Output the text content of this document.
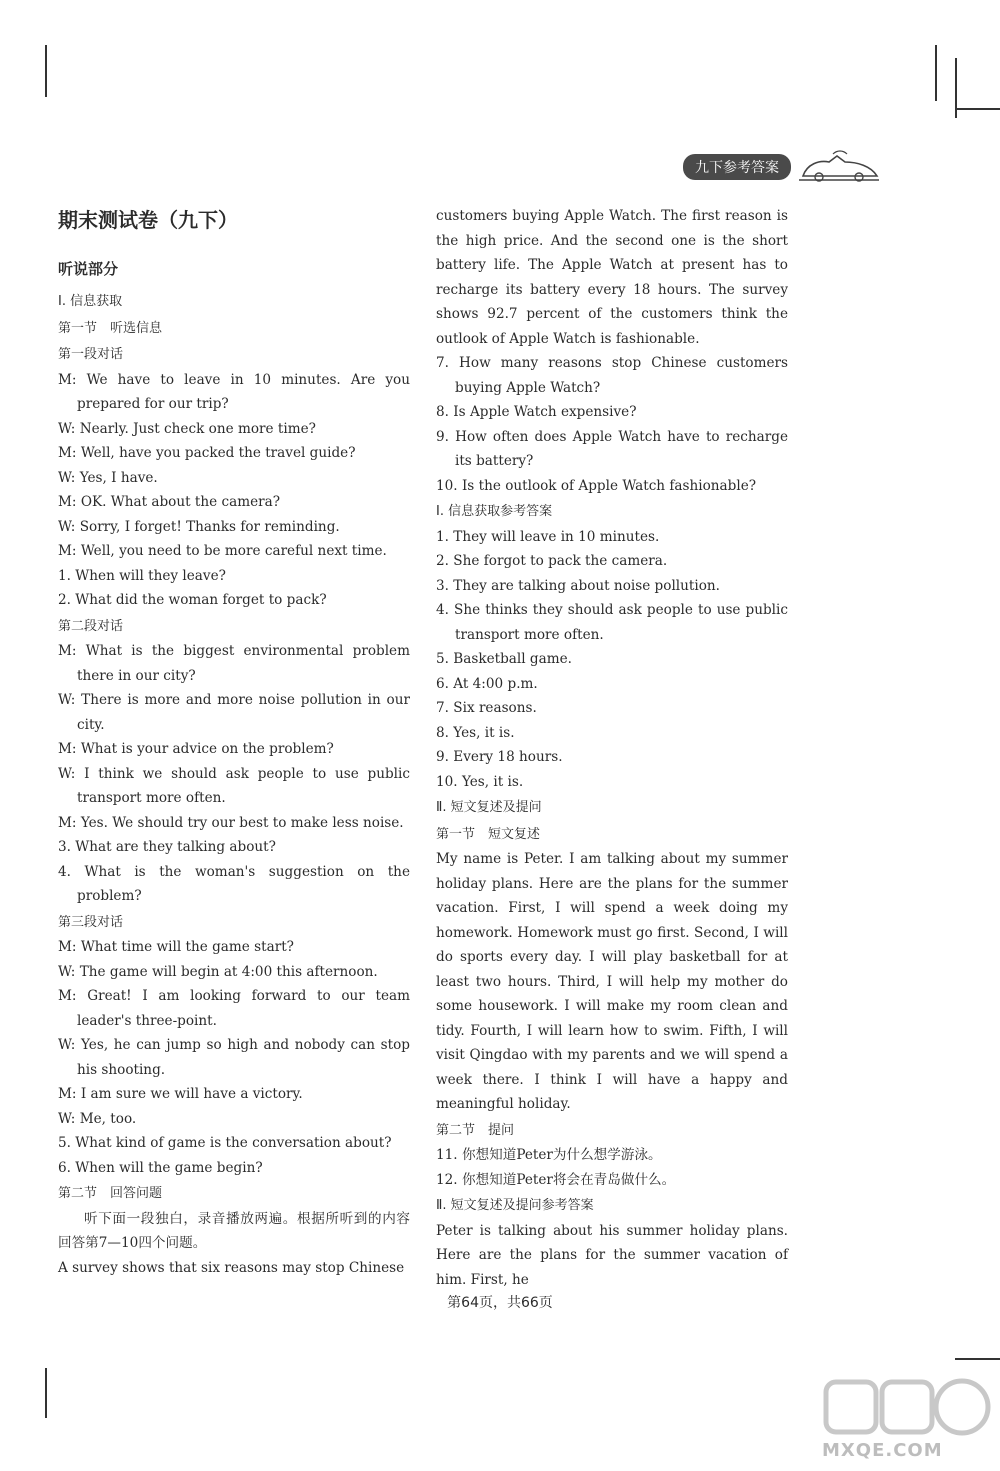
九下参考答案
期末测试卷（九下）
听说部分

Ⅰ. 信息获取

第一节　听选信息

第一段对话

M: We have to leave in 10 minutes. Are you prepared for our trip?

W: Nearly. Just check one more time?

M: Well, have you packed the travel guide?

W: Yes, I have.

M: OK. What about the camera?

W: Sorry, I forget! Thanks for reminding.

M: Well, you need to be more careful next time.

1. When will they leave?

2. What did the woman forget to pack?

第二段对话

M: What is the biggest environmental problem there in our city?

W: There is more and more noise pollution in our city.

M: What is your advice on the problem?

W: I think we should ask people to use public transport more often.

M: Yes. We should try our best to make less noise.

3. What are they talking about?

4. What is the woman's suggestion on the problem?

第三段对话

M: What time will the game start?

W: The game will begin at 4:00 this afternoon.

M: Great! I am looking forward to our team leader's three-point.

W: Yes, he can jump so high and nobody can stop his shooting.

M: I am sure we will have a victory.

W: Me, too.

5. What kind of game is the conversation about?

6. When will the game begin?

第二节　回答问题

听下面一段独白，录音播放两遍。根据所听到的内容回答第7—10四个问题。

A survey shows that six reasons may stop Chinese

customers buying Apple Watch. The first reason is the high price. And the second one is the short battery life. The Apple Watch at present has to recharge its battery every 18 hours. The survey shows 92.7 percent of the customers think the outlook of Apple Watch is fashionable.

7. How many reasons stop Chinese customers buying Apple Watch?

8. Is Apple Watch expensive?

9. How often does Apple Watch have to recharge its battery?

10. Is the outlook of Apple Watch fashionable?

Ⅰ. 信息获取参考答案

1. They will leave in 10 minutes.

2. She forgot to pack the camera.

3. They are talking about noise pollution.

4. She thinks they should ask people to use public transport more often.

5. Basketball game.

6. At 4:00 p.m.

7. Six reasons.

8. Yes, it is.

9. Every 18 hours.

10. Yes, it is.

Ⅱ. 短文复述及提问

第一节　短文复述

My name is Peter. I am talking about my summer holiday plans. Here are the plans for the summer vacation. First, I will spend a week doing my homework. Homework must go first. Second, I will do sports every day. I will play basketball for at least two hours. Third, I will help my mother do some housework. I will make my room clean and tidy. Fourth, I will learn how to swim. Fifth, I will visit Qingdao with my parents and we will spend a week there. I think I will have a happy and meaningful holiday.

第二节　提问

11. 你想知道Peter为什么想学游泳。

12. 你想知道Peter将会在青岛做什么。

Ⅱ. 短文复述及提问参考答案

Peter is talking about his summer holiday plans. Here are the plans for the summer vacation of him. First, he

第64页，共66页
MXQE.COM
